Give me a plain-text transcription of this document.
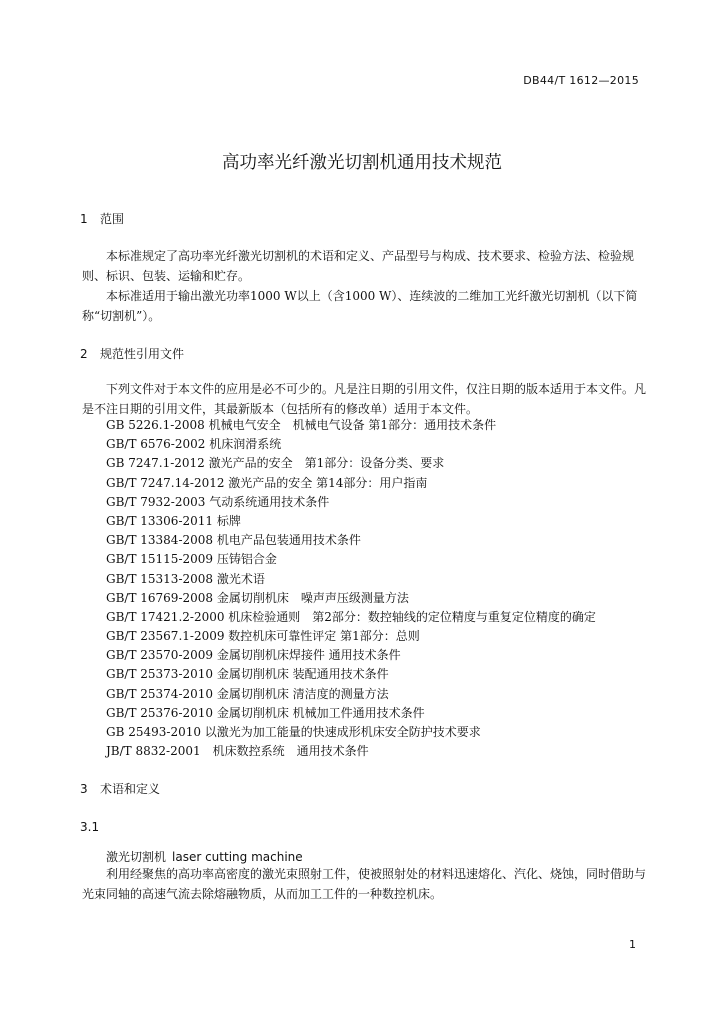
DB44/T 1612—2015
高功率光纤激光切割机通用技术规范
1 范围

本标准规定了高功率光纤激光切割机的术语和定义、产品型号与构成、技术要求、检验方法、检验规则、标识、包装、运输和贮存。

本标准适用于输出激光功率1000 W以上（含1000 W）、连续波的二维加工光纤激光切割机（以下简称“切割机”）。

2 规范性引用文件

下列文件对于本文件的应用是必不可少的。凡是注日期的引用文件，仅注日期的版本适用于本文件。凡是不注日期的引用文件，其最新版本（包括所有的修改单）适用于本文件。

GB 5226.1-2008 机械电气安全　机械电气设备 第1部分：通用技术条件
GB/T 6576-2002 机床润滑系统
GB 7247.1-2012 激光产品的安全　第1部分：设备分类、要求
GB/T 7247.14-2012 激光产品的安全 第14部分：用户指南
GB/T 7932-2003 气动系统通用技术条件
GB/T 13306-2011 标牌
GB/T 13384-2008 机电产品包装通用技术条件
GB/T 15115-2009 压铸铝合金
GB/T 15313-2008 激光术语
GB/T 16769-2008 金属切削机床　噪声声压级测量方法
GB/T 17421.2-2000 机床检验通则　第2部分：数控轴线的定位精度与重复定位精度的确定
GB/T 23567.1-2009 数控机床可靠性评定 第1部分：总则
GB/T 23570-2009 金属切削机床焊接件 通用技术条件
GB/T 25373-2010 金属切削机床 装配通用技术条件
GB/T 25374-2010 金属切削机床 清洁度的测量方法
GB/T 25376-2010 金属切削机床 机械加工件通用技术条件
GB 25493-2010 以激光为加工能量的快速成形机床安全防护技术要求
JB/T 8832-2001　机床数控系统　通用技术条件
3 术语和定义
3.1
激光切割机 laser cutting machine

利用经聚焦的高功率高密度的激光束照射工件，使被照射处的材料迅速熔化、汽化、烧蚀，同时借助与光束同轴的高速气流去除熔融物质，从而加工工件的一种数控机床。

1
